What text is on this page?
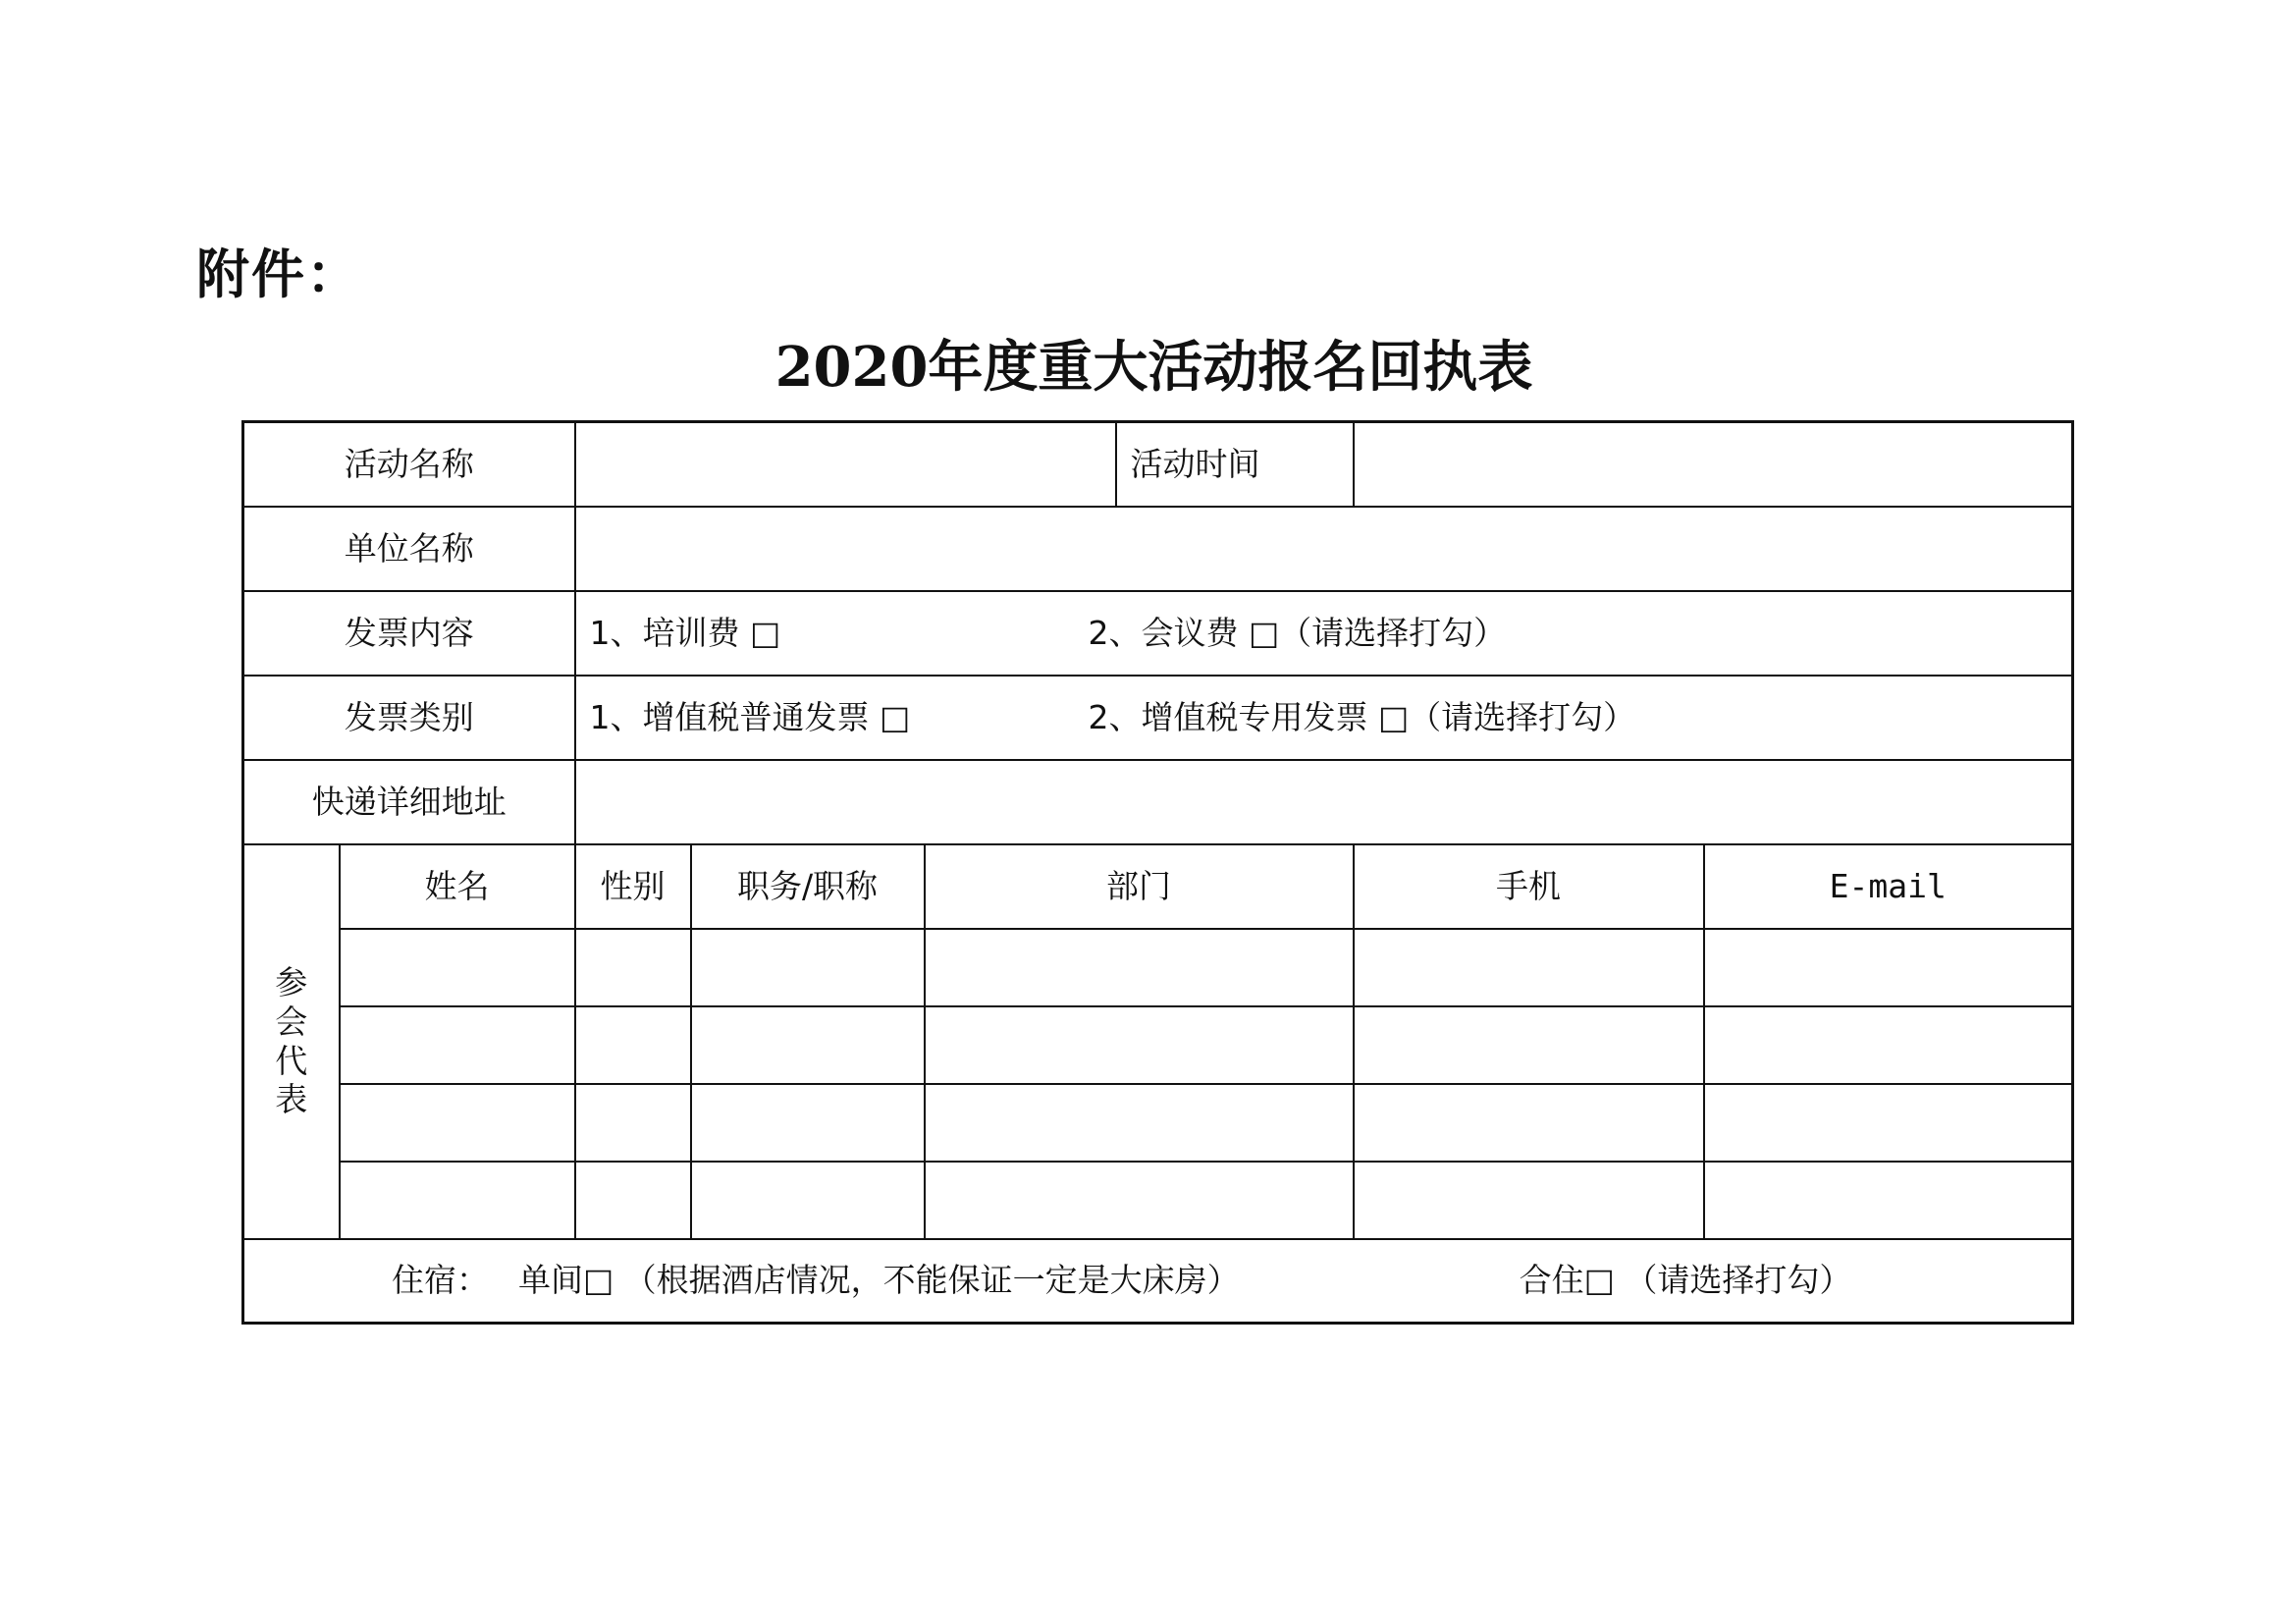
附件：
2020年度重大活动报名回执表
活动名称					活动时间		
单位名称							
发票内容		1、培训费 □ 2、会议费 □（请选择打勾）					
发票类别		1、增值税普通发票 □ 2、增值税专用发票 □（请选择打勾）					
快递详细地址							

参
会
代
表	姓名	性别	职务/职称	部门		手机	E-mail

住宿： 单间□ （根据酒店情况，不能保证一定是大床房） 合住□ （请选择打勾）							
